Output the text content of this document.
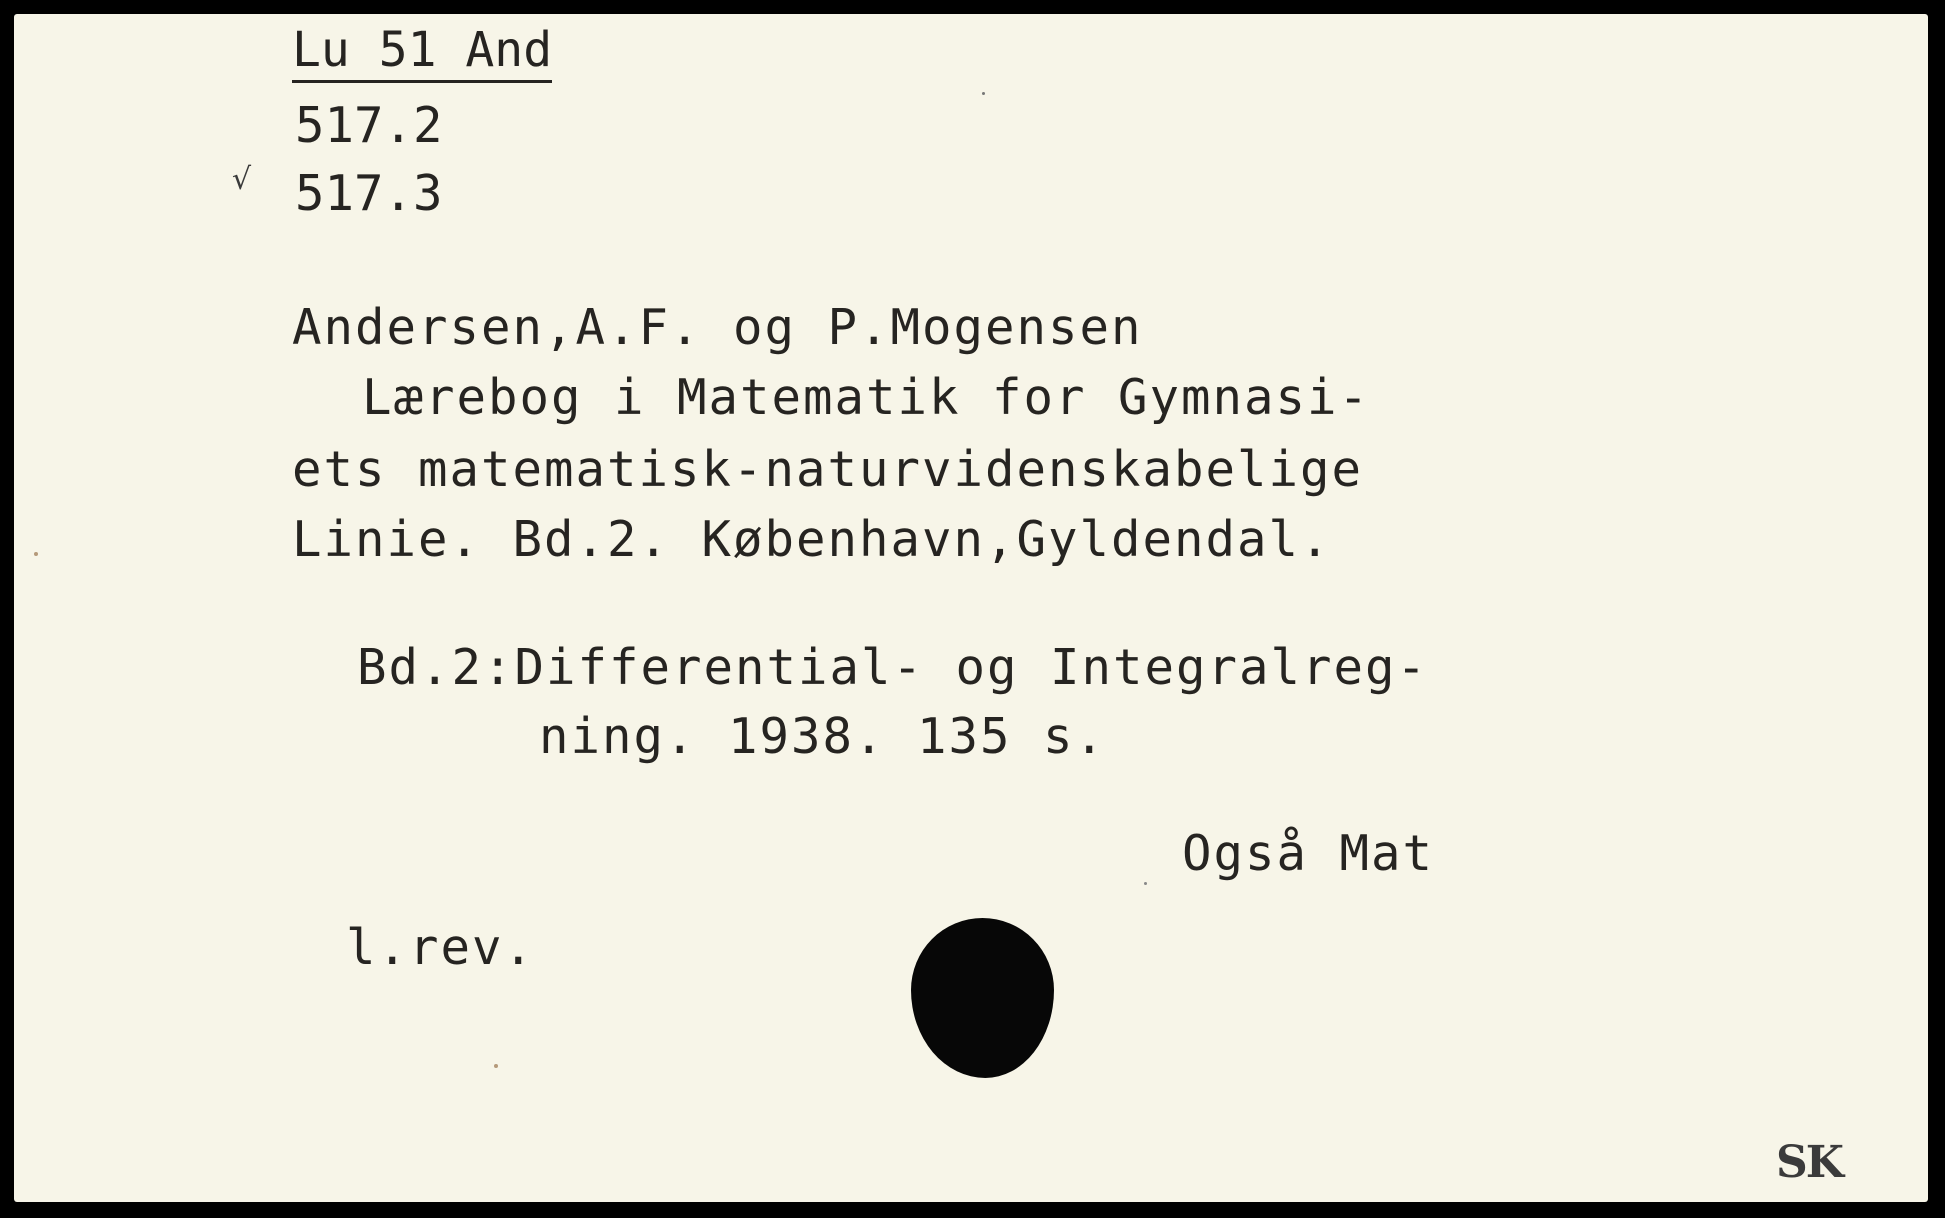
Lu 51 And
517.2
√ 517.3
Andersen,A.F. og P.Mogensen
Lærebog i Matematik for Gymnasi-
ets matematisk-naturvidenskabelige
Linie. Bd.2. København,Gyldendal.
Bd.2:Differential- og Integralreg-
ning. 1938. 135 s.
Også Mat
l.rev.
SK
